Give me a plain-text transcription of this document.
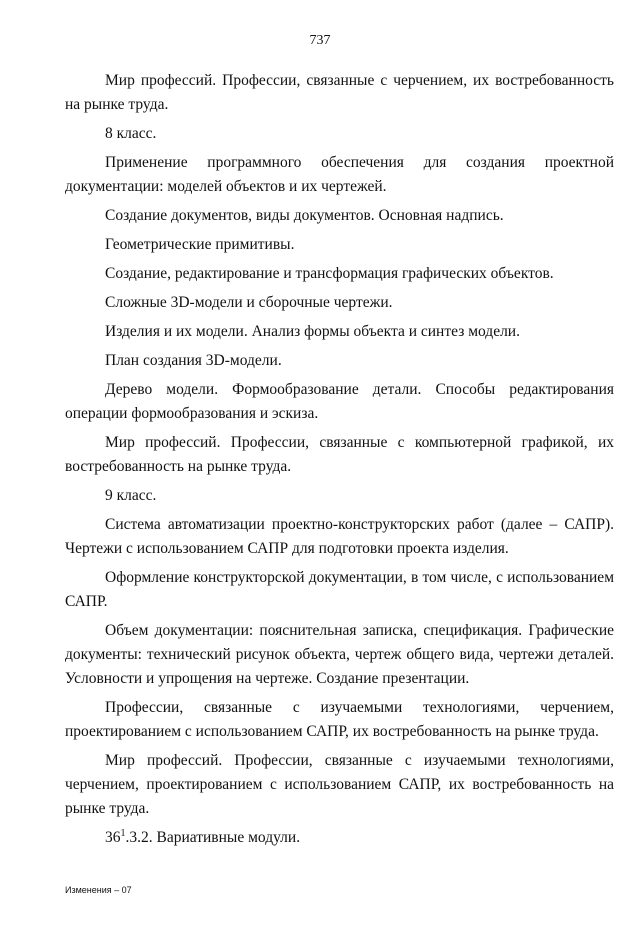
737

Мир профессий. Профессии, связанные с черчением, их востребованность на рынке труда.

8 класс.

Применение программного обеспечения для создания проектной документации: моделей объектов и их чертежей.

Создание документов, виды документов. Основная надпись.

Геометрические примитивы.

Создание, редактирование и трансформация графических объектов.

Сложные 3D-модели и сборочные чертежи.

Изделия и их модели. Анализ формы объекта и синтез модели.

План создания 3D-модели.

Дерево модели. Формообразование детали. Способы редактирования операции формообразования и эскиза.

Мир профессий. Профессии, связанные с компьютерной графикой, их востребованность на рынке труда.

9 класс.

Система автоматизации проектно-конструкторских работ (далее – САПР). Чертежи с использованием САПР для подготовки проекта изделия.

Оформление конструкторской документации, в том числе, с использованием САПР.

Объем документации: пояснительная записка, спецификация. Графические документы: технический рисунок объекта, чертеж общего вида, чертежи деталей. Условности и упрощения на чертеже. Создание презентации.

Профессии, связанные с изучаемыми технологиями, черчением, проектированием с использованием САПР, их востребованность на рынке труда.

Мир профессий. Профессии, связанные с изучаемыми технологиями, черчением, проектированием с использованием САПР, их востребованность на рынке труда.

$36^1.3.2$. Вариативные модули.

Изменения – 07
